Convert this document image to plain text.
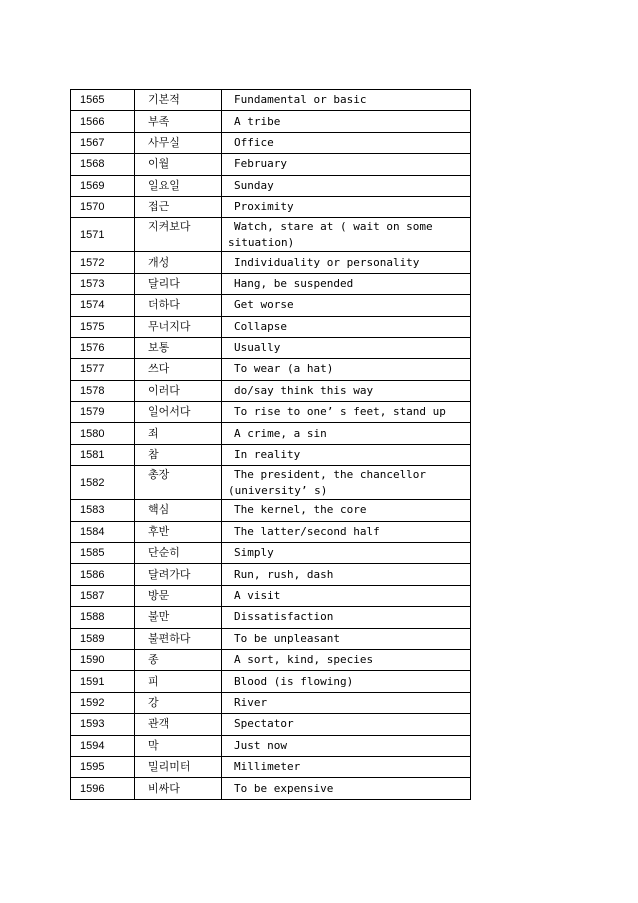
1565	기본적	Fundamental or basic
1566	부족	A tribe
1567	사무실	Office
1568	이월	February
1569	일요일	Sunday
1570	접근	Proximity
1571	지켜보다	Watch, stare at ( wait on some situation)
1572	개성	Individuality or personality
1573	달리다	Hang, be suspended
1574	더하다	Get worse
1575	무너지다	Collapse
1576	보통	Usually
1577	쓰다	To wear (a hat)
1578	이러다	do/say think this way
1579	일어서다	To rise to one’ s feet, stand up
1580	죄	A crime, a sin
1581	참	In reality
1582	총장	The president, the chancellor (university’ s)
1583	핵심	The kernel, the core
1584	후반	The latter/second half
1585	단순히	Simply
1586	달려가다	Run, rush, dash
1587	방문	A visit
1588	불만	Dissatisfaction
1589	불편하다	To be unpleasant
1590	종	A sort, kind, species
1591	피	Blood (is flowing)
1592	강	River
1593	관객	Spectator
1594	막	Just now
1595	밀리미터	Millimeter
1596	비싸다	To be expensive
